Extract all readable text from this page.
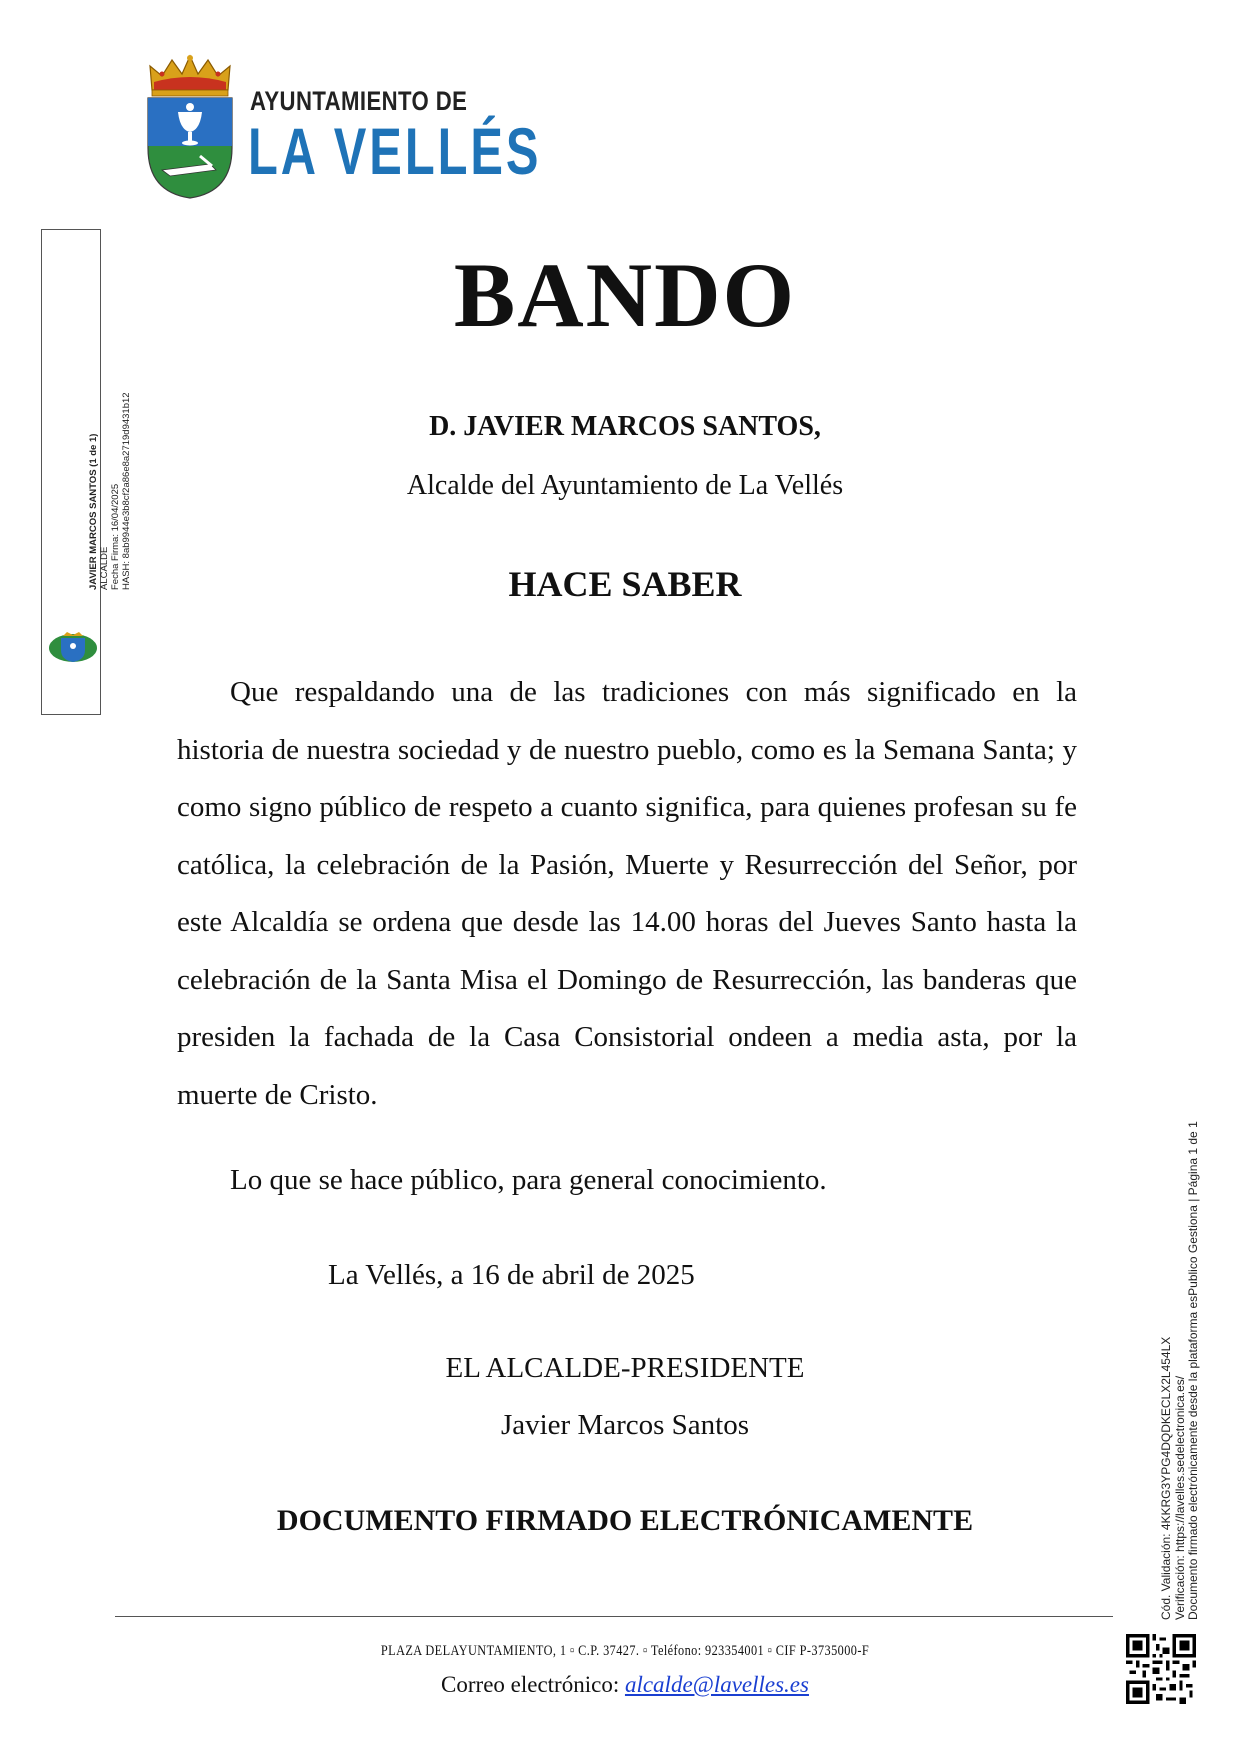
AYUNTAMIENTO DE
LA VELLÉS
JAVIER MARCOS SANTOS (1 de 1) ALCALDE Fecha Firma: 16/04/2025 HASH: 8ab9944e3b8cf2a86e8a2719d9431b12
BANDO
D. JAVIER MARCOS SANTOS,
Alcalde del Ayuntamiento de La Vellés
HACE SABER
Que respaldando una de las tradiciones con más significado en la historia de nuestra sociedad y de nuestro pueblo, como es la Semana Santa; y como signo público de respeto a cuanto significa, para quienes profesan su fe católica, la celebración de la Pasión, Muerte y Resurrección del Señor, por este Alcaldía se ordena que desde las 14.00 horas del Jueves Santo hasta la celebración de la Santa Misa el Domingo de Resurrección, las banderas que presiden la fachada de la Casa Consistorial ondeen a media asta, por la muerte de Cristo.
Lo que se hace público, para general conocimiento.
La Vellés, a 16 de abril de 2025
EL ALCALDE-PRESIDENTE
Javier Marcos Santos
DOCUMENTO FIRMADO ELECTRÓNICAMENTE
PLAZA DELAYUNTAMIENTO, 1 ▫ C.P. 37427. ▫ Teléfono: 923354001 ▫ CIF P-3735000-F
Correo electrónico: alcalde@lavelles.es
Cód. Validación: 4KKRG3YPG4DQDKECLX2L454LX Verificación: https://lavelles.sedelectronica.es/ Documento firmado electrónicamente desde la plataforma esPublico Gestiona | Página 1 de 1
